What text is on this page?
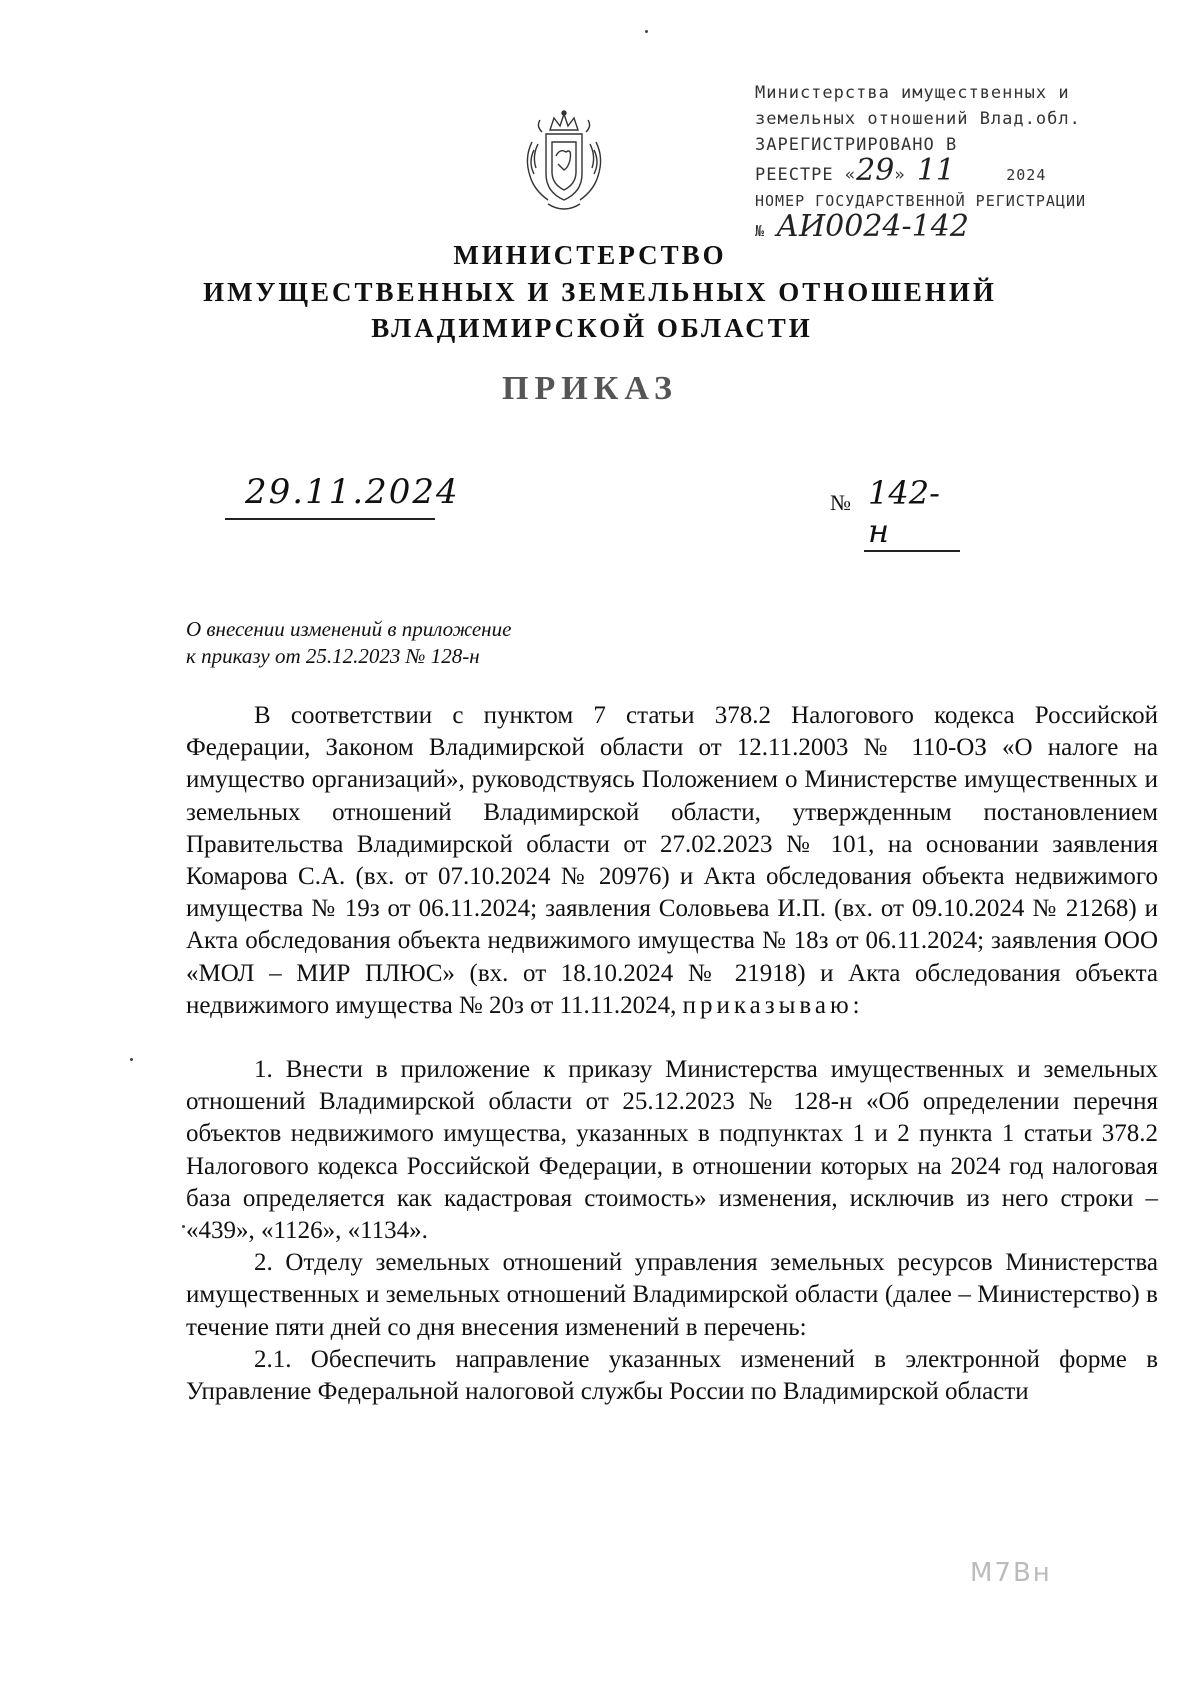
Министерства имущественных и
земельных отношений Влад.обл.
ЗАРЕГИСТРИРОВАНО В
РЕЕСТРЕ «29» 11	2024
НОМЕР ГОСУДАРСТВЕННОЙ РЕГИСТРАЦИИ
№ АИ0024-142
МИНИСТЕРСТВО
ИМУЩЕСТВЕННЫХ И ЗЕМЕЛЬНЫХ ОТНОШЕНИЙ
ВЛАДИМИРСКОЙ ОБЛАСТИ
ПРИКАЗ
29.11.2024	№ 142-н
О внесении изменений в приложение
к приказу от 25.12.2023 № 128-н

В соответствии с пунктом 7 статьи 378.2 Налогового кодекса Российской Федерации, Законом Владимирской области от 12.11.2003 № 110-ОЗ «О налоге на имущество организаций», руководствуясь Положением о Министерстве имущественных и земельных отношений Владимирской области, утвержденным постановлением Правительства Владимирской области от 27.02.2023 № 101, на основании заявления Комарова С.А. (вх. от 07.10.2024 № 20976) и Акта обследования объекта недвижимого имущества № 19з от 06.11.2024; заявления Соловьева И.П. (вх. от 09.10.2024 № 21268) и Акта обследования объекта недвижимого имущества № 18з от 06.11.2024; заявления ООО «МОЛ – МИР ПЛЮС» (вх. от 18.10.2024 № 21918) и Акта обследования объекта недвижимого имущества № 20з от 11.11.2024, приказываю:

1. Внести в приложение к приказу Министерства имущественных и земельных отношений Владимирской области от 25.12.2023 № 128-н «Об определении перечня объектов недвижимого имущества, указанных в подпунктах 1 и 2 пункта 1 статьи 378.2 Налогового кодекса Российской Федерации, в отношении которых на 2024 год налоговая база определяется как кадастровая стоимость» изменения, исключив из него строки – «439», «1126», «1134».

2. Отделу земельных отношений управления земельных ресурсов Министерства имущественных и земельных отношений Владимирской области (далее – Министерство) в течение пяти дней со дня внесения изменений в перечень:

2.1. Обеспечить направление указанных изменений в электронной форме в Управление Федеральной налоговой службы России по Владимирской области

М7Вн
